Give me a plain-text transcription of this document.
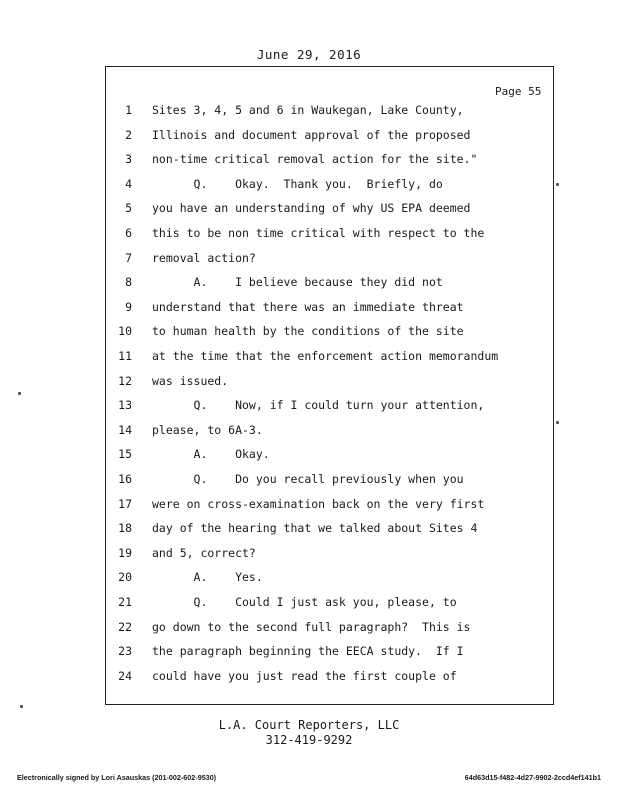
June 29, 2016
Page 55
1 Sites 3, 4, 5 and 6 in Waukegan, Lake County,
2 Illinois and document approval of the proposed
3 non-time critical removal action for the site."
4 Q.    Okay.  Thank you.  Briefly, do
5 you have an understanding of why US EPA deemed
6 this to be non time critical with respect to the
7 removal action?
8 A.    I believe because they did not
9 understand that there was an immediate threat
10 to human health by the conditions of the site
11 at the time that the enforcement action memorandum
12 was issued.
13 Q.    Now, if I could turn your attention,
14 please, to 6A-3.
15 A.    Okay.
16 Q.    Do you recall previously when you
17 were on cross-examination back on the very first
18 day of the hearing that we talked about Sites 4
19 and 5, correct?
20 A.    Yes.
21 Q.    Could I just ask you, please, to
22 go down to the second full paragraph?  This is
23 the paragraph beginning the EECA study.  If I
24 could have you just read the first couple of
L.A. Court Reporters, LLC
312-419-9292
Electronically signed by Lori Asauskas (201-002-602-9530)	64d63d15-f482-4d27-9902-2ccd4ef141b1
